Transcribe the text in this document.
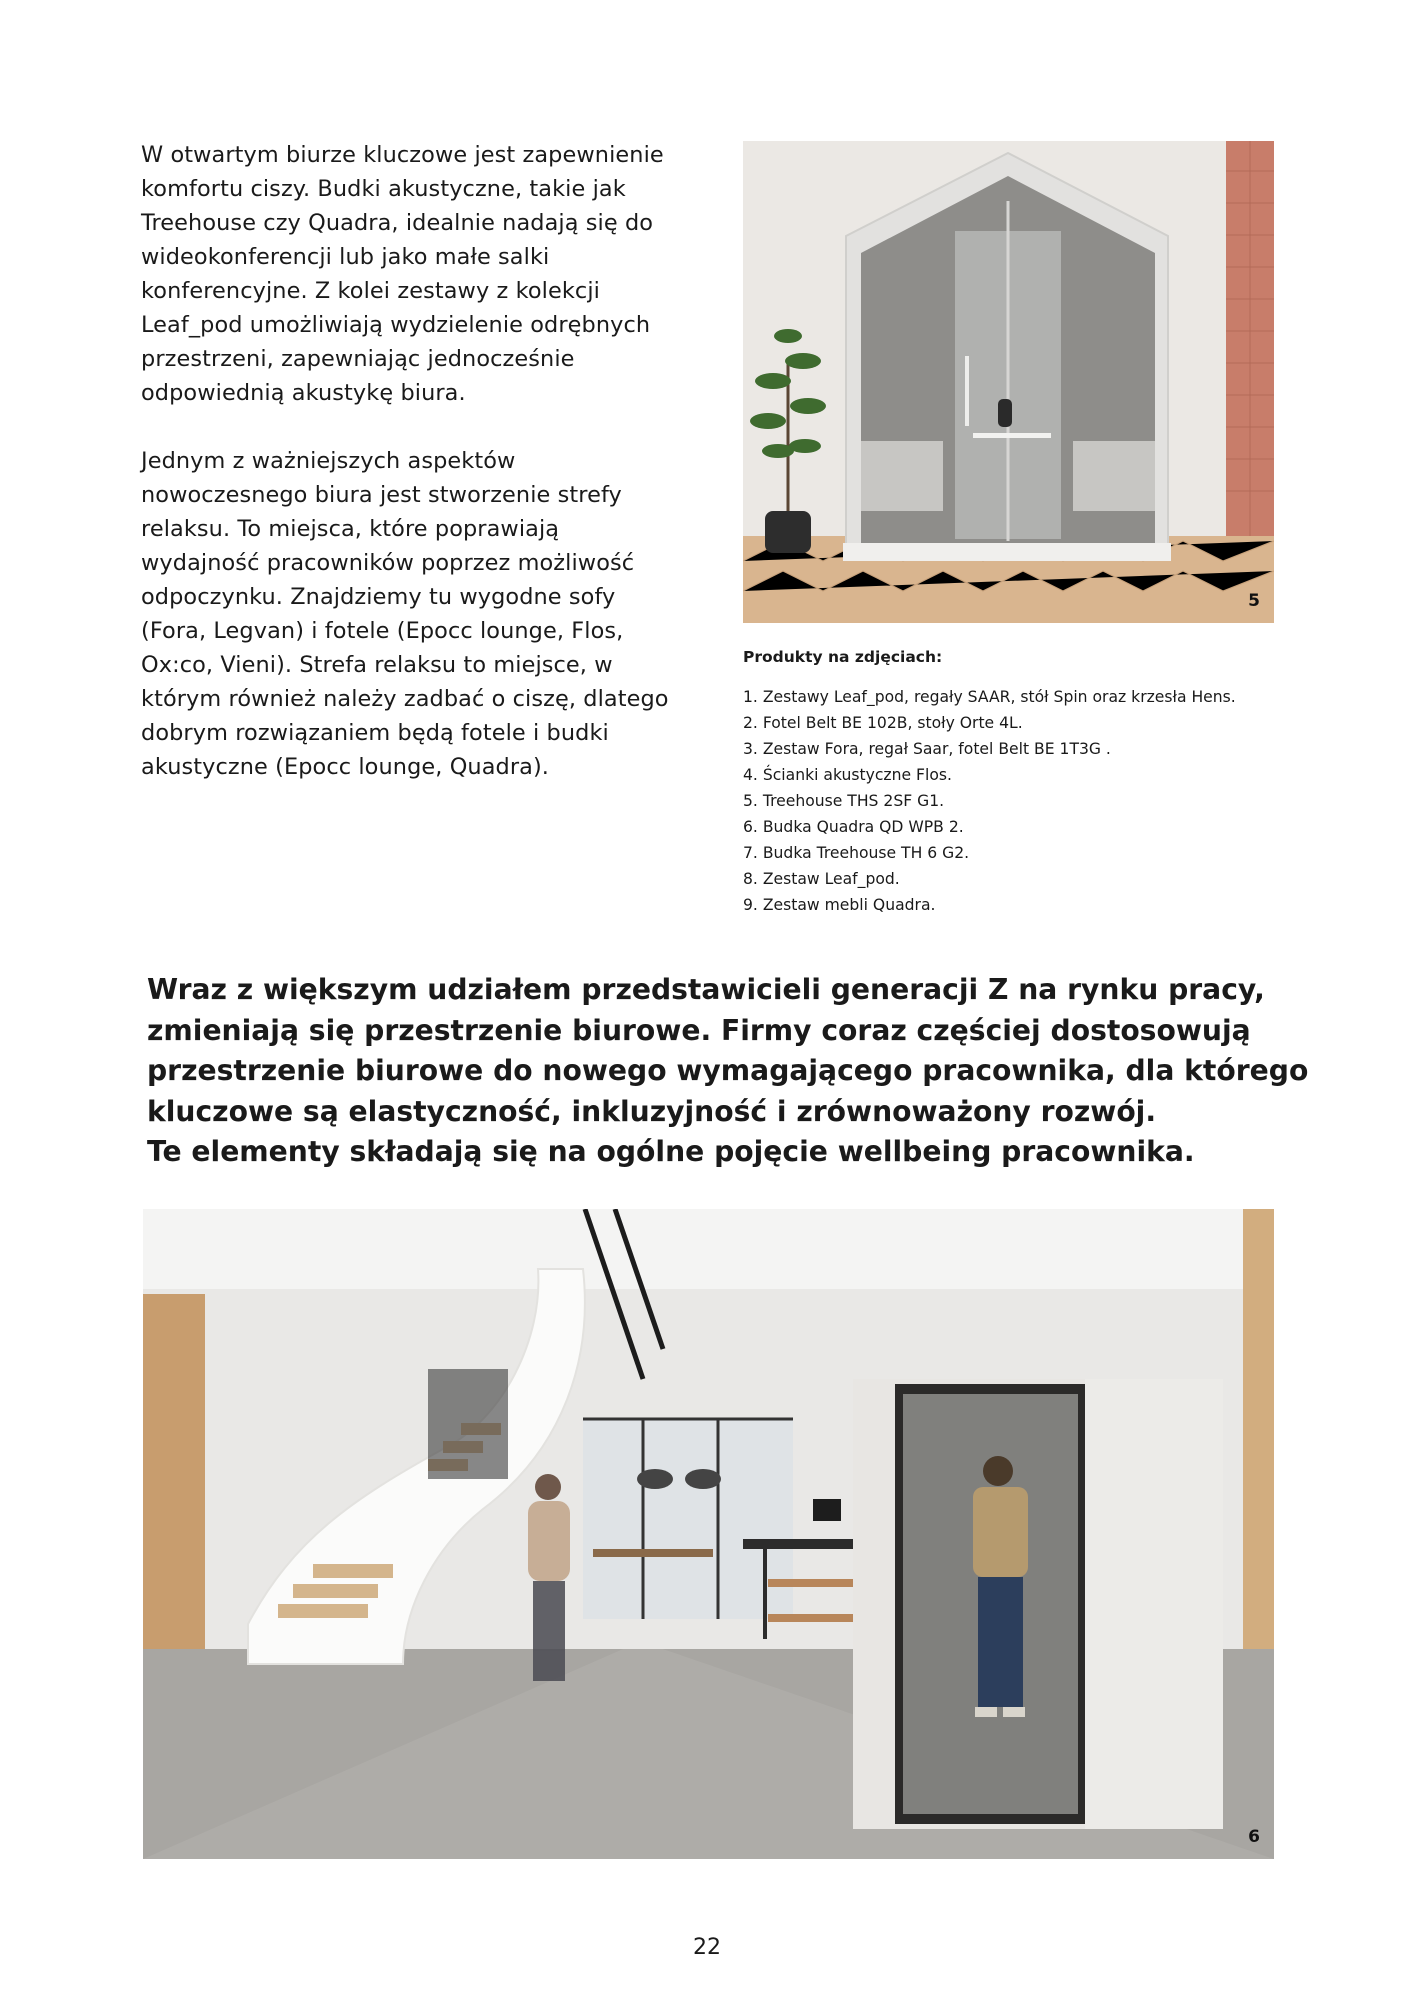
W otwartym biurze kluczowe jest zapewnienie komfortu ciszy. Budki akustyczne, takie jak Treehouse czy Quadra, idealnie nadają się do wideokonferencji lub jako małe salki konferencyjne. Z kolei zestawy z kolekcji Leaf_pod umożliwiają wydzielenie odrębnych przestrzeni, zapewniając jednocześnie odpowiednią akustykę biura.

Jednym z ważniejszych aspektów nowoczesnego biura jest stworzenie strefy relaksu. To miejsca, które poprawiają wydajność pracowników poprzez możliwość odpoczynku. Znajdziemy tu wygodne sofy (Fora, Legvan) i fotele (Epocc lounge, Flos, Ox:co, Vieni). Strefa relaksu to miejsce, w którym również należy zadbać o ciszę, dlatego dobrym rozwiązaniem będą fotele i budki akustyczne (Epocc lounge, Quadra).

5
Produkty na zdjęciach:
1. Zestawy Leaf_pod, regały SAAR, stół Spin oraz krzesła Hens.
2. Fotel Belt BE 102B, stoły Orte 4L.
3. Zestaw Fora, regał Saar, fotel Belt BE 1T3G .
4. Ścianki akustyczne Flos.
5. Treehouse THS 2SF G1.
6. Budka Quadra QD WPB 2.
7. Budka Treehouse TH 6 G2.
8. Zestaw Leaf_pod.
9. Zestaw mebli Quadra.
Wraz z większym udziałem przedstawicieli generacji Z na rynku pracy,
zmieniają się przestrzenie biurowe. Firmy coraz częściej dostosowują
przestrzenie biurowe do nowego wymagającego pracownika, dla którego
kluczowe są elastyczność, inkluzyjność i zrównoważony rozwój.
Te elementy składają się na ogólne pojęcie wellbeing pracownika.
6
22
